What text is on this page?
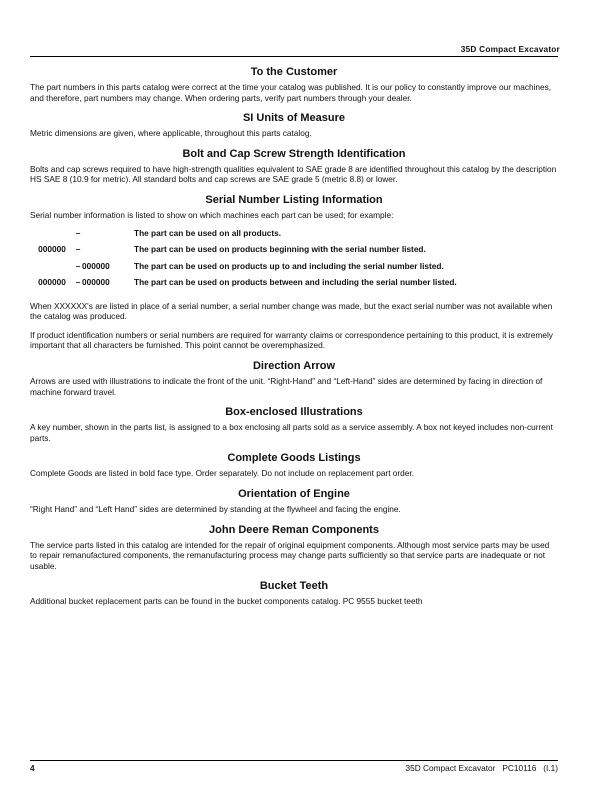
35D Compact Excavator
To the Customer

The part numbers in this parts catalog were correct at the time your catalog was published. It is our policy to constantly improve our machines, and therefore, part numbers may change. When ordering parts, verify part numbers through your dealer.

SI Units of Measure

Metric dimensions are given, where applicable, throughout this parts catalog.

Bolt and Cap Screw Strength Identification

Bolts and cap screws required to have high-strength qualities equivalent to SAE grade 8 are identified throughout this catalog by the description HS SAE 8 (10.9 for metric). All standard bolts and cap screws are SAE grade 5 (metric 8.8) or lower.

Serial Number Listing Information

Serial number information is listed to show on which machines each part can be used; for example:

	–		The part can be used on all products.
000000	–		The part can be used on products beginning with the serial number listed.
	–	000000	The part can be used on products up to and including the serial number listed.
000000	–	000000	The part can be used on products between and including the serial number listed.

When XXXXXX's are listed in place of a serial number, a serial number change was made, but the exact serial number was not available when the catalog was produced.

If product identification numbers or serial numbers are required for warranty claims or correspondence pertaining to this product, it is extremely important that all characters be furnished. This point cannot be overemphasized.

Direction Arrow

Arrows are used with illustrations to indicate the front of the unit. “Right-Hand” and “Left-Hand” sides are determined by facing in direction of machine forward travel.

Box-enclosed Illustrations

A key number, shown in the parts list, is assigned to a box enclosing all parts sold as a service assembly. A box not keyed includes non-current parts.

Complete Goods Listings

Complete Goods are listed in bold face type. Order separately. Do not include on replacement part order.

Orientation of Engine

“Right Hand” and “Left Hand” sides are determined by standing at the flywheel and facing the engine.

John Deere Reman Components

The service parts listed in this catalog are intended for the repair of original equipment components. Although most service parts may be used to repair remanufactured components, the remanufacturing process may change parts sufficiently so that service parts are inadequate or not usable.

Bucket Teeth

Additional bucket replacement parts can be found in the bucket components catalog. PC 9555 bucket teeth

4	35D Compact Excavator   PC10116   (I.1)
